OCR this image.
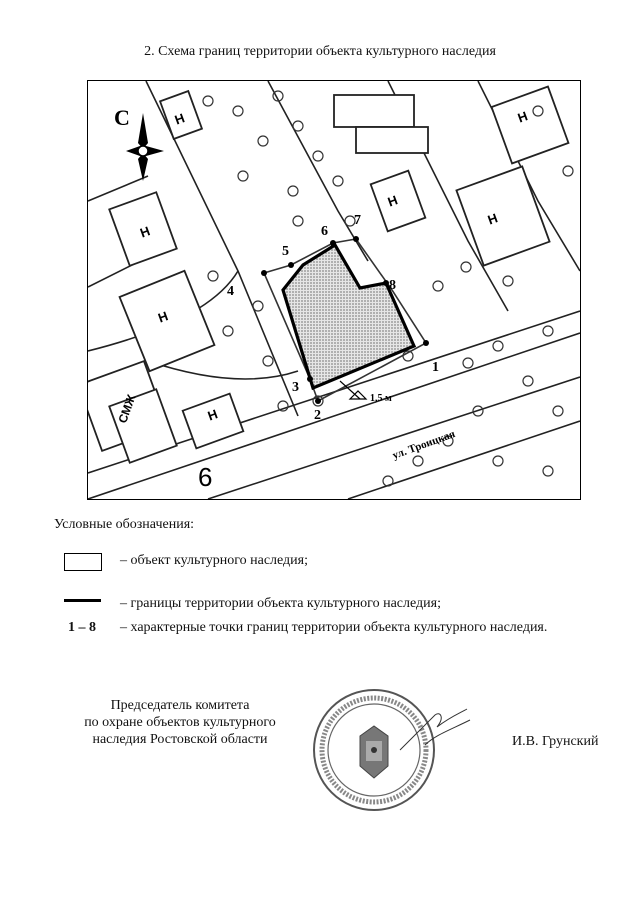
2. Схема границ территории объекта культурного наследия
1
2
3
5
6
7
8
4
1,5 м
ул. Троицкая
Н
Н
Н
Н
Н
Н
Н
СМЖ
6
С
Условные обозначения:
– объект культурного наследия;
– границы территории объекта культурного наследия;
1 – 8	– характерные точки границ территории объекта культурного наследия.
Председатель комитета
по охране объектов культурного
наследия Ростовской области	И.В. Грунский
